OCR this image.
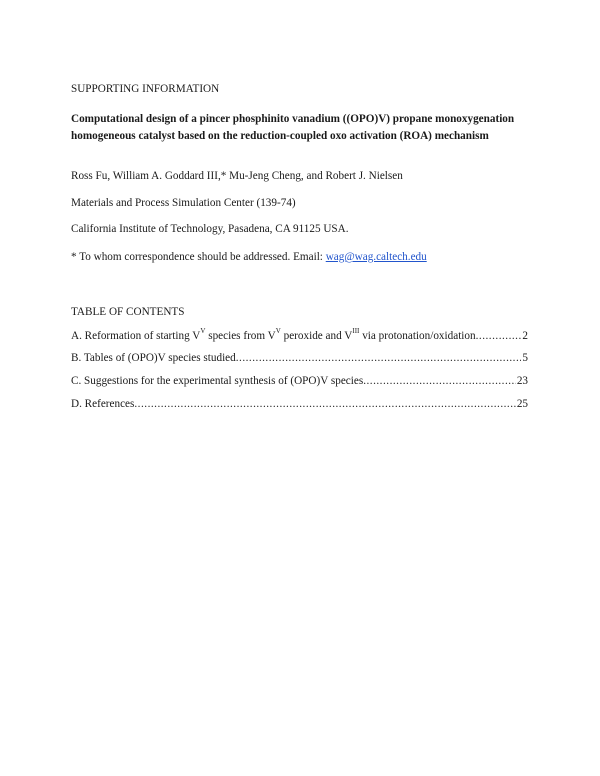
SUPPORTING INFORMATION
Computational design of a pincer phosphinito vanadium ((OPO)V) propane monoxygenation homogeneous catalyst based on the reduction-coupled oxo activation (ROA) mechanism
Ross Fu, William A. Goddard III,* Mu-Jeng Cheng, and Robert J. Nielsen
Materials and Process Simulation Center (139-74)
California Institute of Technology, Pasadena, CA 91125 USA.
* To whom correspondence should be addressed. Email: wag@wag.caltech.edu
TABLE OF CONTENTS
A. Reformation of starting $V^V$ species from $V^V$ peroxide and $V^{III}$ via protonation/oxidation .....	2
B. Tables of (OPO)V species studied .....	5
C. Suggestions for the experimental synthesis of (OPO)V species .....	23
D. References .....	25
